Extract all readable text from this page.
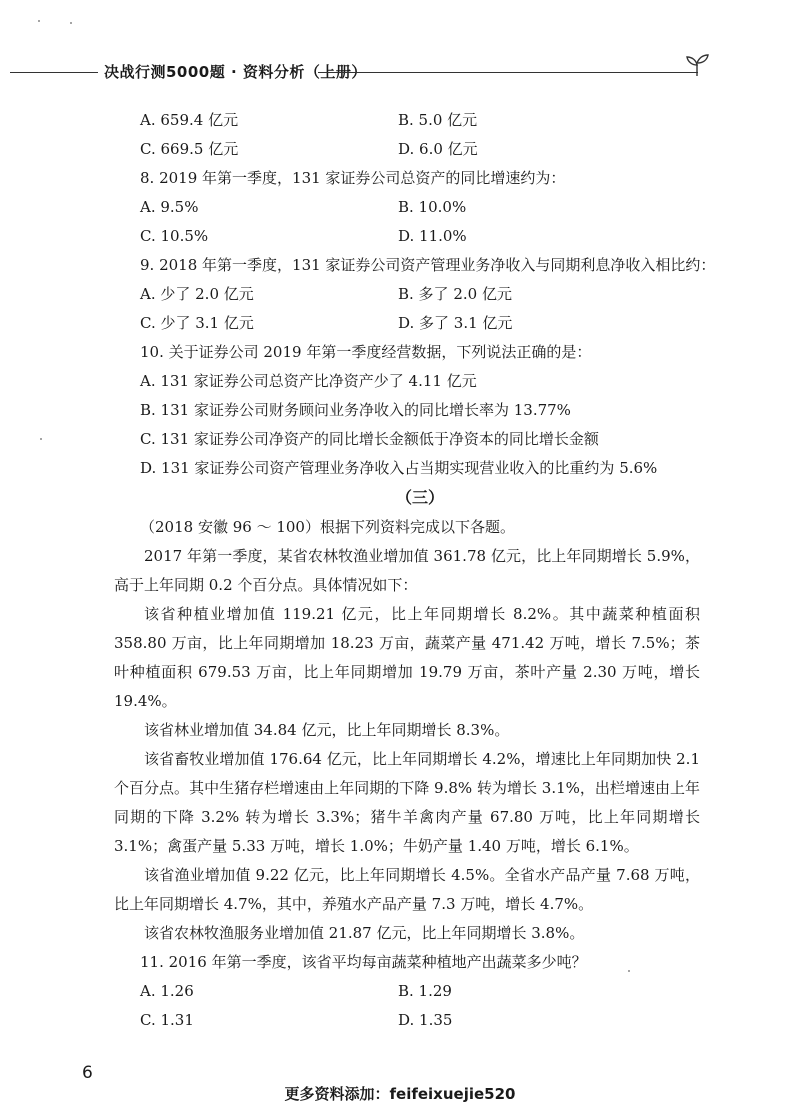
决战行测5000题 · 资料分析（上册）
A. 659.4 亿元	B. 5.0 亿元
C. 669.5 亿元	D. 6.0 亿元
8. 2019 年第一季度，131 家证券公司总资产的同比增速约为：
A. 9.5%	B. 10.0%
C. 10.5%	D. 11.0%
9. 2018 年第一季度，131 家证券公司资产管理业务净收入与同期利息净收入相比约：
A. 少了 2.0 亿元	B. 多了 2.0 亿元
C. 少了 3.1 亿元	D. 多了 3.1 亿元
10. 关于证券公司 2019 年第一季度经营数据，下列说法正确的是：
A. 131 家证券公司总资产比净资产少了 4.11 亿元
B. 131 家证券公司财务顾问业务净收入的同比增长率为 13.77%
C. 131 家证券公司净资产的同比增长金额低于净资本的同比增长金额
D. 131 家证券公司资产管理业务净收入占当期实现营业收入的比重约为 5.6%
（三）
（2018 安徽 96 ～ 100）根据下列资料完成以下各题。

2017 年第一季度，某省农林牧渔业增加值 361.78 亿元，比上年同期增长 5.9%，高于上年同期 0.2 个百分点。具体情况如下：

该省种植业增加值 119.21 亿元，比上年同期增长 8.2%。其中蔬菜种植面积 358.80 万亩，比上年同期增加 18.23 万亩，蔬菜产量 471.42 万吨，增长 7.5%；茶叶种植面积 679.53 万亩，比上年同期增加 19.79 万亩，茶叶产量 2.30 万吨，增长 19.4%。

该省林业增加值 34.84 亿元，比上年同期增长 8.3%。

该省畜牧业增加值 176.64 亿元，比上年同期增长 4.2%，增速比上年同期加快 2.1 个百分点。其中生猪存栏增速由上年同期的下降 9.8% 转为增长 3.1%，出栏增速由上年同期的下降 3.2% 转为增长 3.3%；猪牛羊禽肉产量 67.80 万吨，比上年同期增长 3.1%；禽蛋产量 5.33 万吨，增长 1.0%；牛奶产量 1.40 万吨，增长 6.1%。

该省渔业增加值 9.22 亿元，比上年同期增长 4.5%。全省水产品产量 7.68 万吨，比上年同期增长 4.7%，其中，养殖水产品产量 7.3 万吨，增长 4.7%。

该省农林牧渔服务业增加值 21.87 亿元，比上年同期增长 3.8%。

11. 2016 年第一季度，该省平均每亩蔬菜种植地产出蔬菜多少吨？
A. 1.26	B. 1.29
C. 1.31	D. 1.35
6
更多资料添加：feifeixuejie520
